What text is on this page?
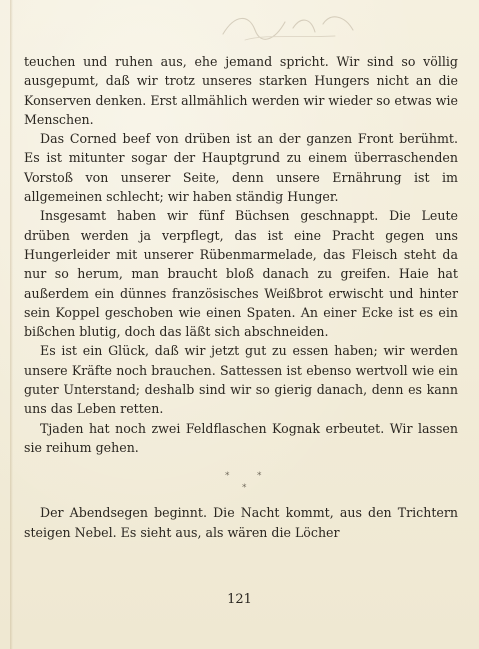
teuchen und ruhen aus, ehe jemand spricht. Wir sind so völlig ausgepumt, daß wir trotz unseres starken Hungers nicht an die Konserven denken. Erst allmählich werden wir wieder so etwas wie Menschen.

Das Corned beef von drüben ist an der ganzen Front berühmt. Es ist mitunter sogar der Hauptgrund zu einem überraschenden Vorstoß von unserer Seite, denn unsere Ernährung ist im allgemeinen schlecht; wir haben ständig Hunger.

Insgesamt haben wir fünf Büchsen geschnappt. Die Leute drüben werden ja verpflegt, das ist eine Pracht gegen uns Hungerleider mit unserer Rübenmarmelade, das Fleisch steht da nur so herum, man braucht bloß danach zu greifen. Haie hat außerdem ein dünnes französisches Weißbrot erwischt und hinter sein Koppel geschoben wie einen Spaten. An einer Ecke ist es ein bißchen blutig, doch das läßt sich abschneiden.

Es ist ein Glück, daß wir jetzt gut zu essen haben; wir werden unsere Kräfte noch brauchen. Sattessen ist ebenso wertvoll wie ein guter Unterstand; deshalb sind wir so gierig danach, denn es kann uns das Leben retten.

Tjaden hat noch zwei Feldflaschen Kognak erbeutet. Wir lassen sie reihum gehen.

*	*
*

Der Abendsegen beginnt. Die Nacht kommt, aus den Trichtern steigen Nebel. Es sieht aus, als wären die Löcher

121
